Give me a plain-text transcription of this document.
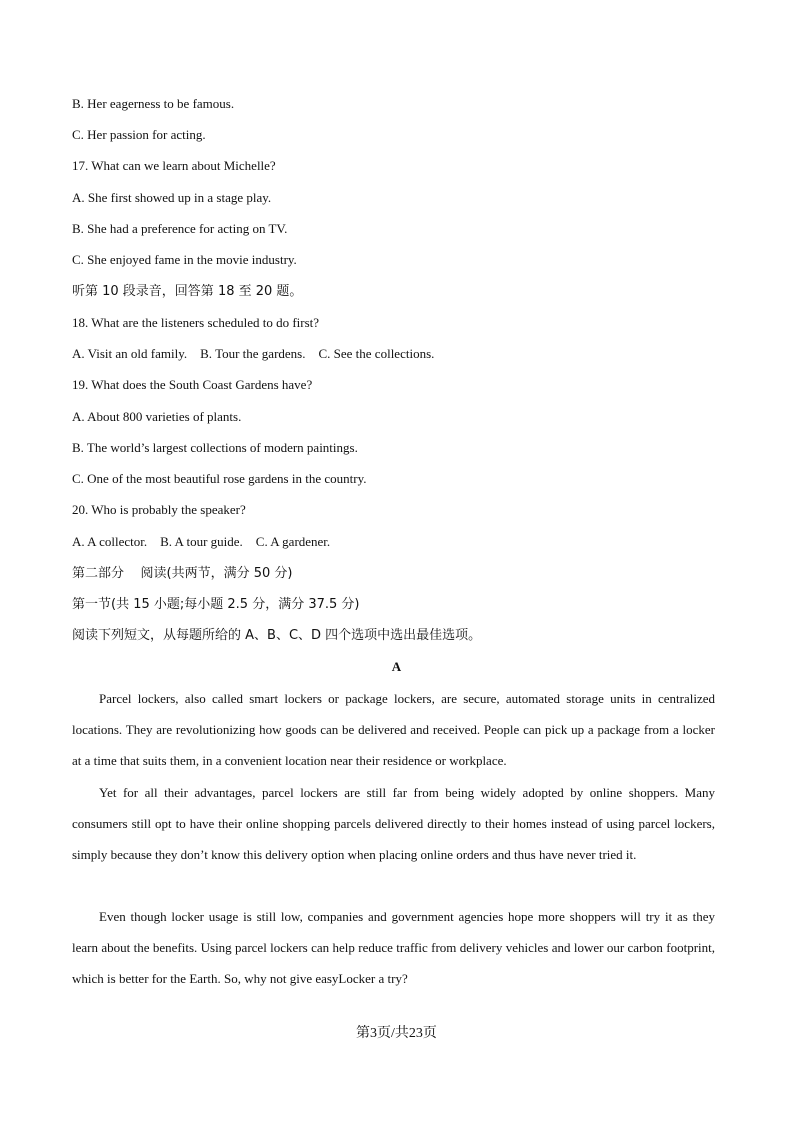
B. Her eagerness to be famous.
C. Her passion for acting.
17. What can we learn about Michelle?
A. She first showed up in a stage play.
B. She had a preference for acting on TV.
C. She enjoyed fame in the movie industry.
听第 10 段录音，回答第 18 至 20 题。
18. What are the listeners scheduled to do first?
A. Visit an old family.    B. Tour the gardens.    C. See the collections.
19. What does the South Coast Gardens have?
A. About 800 varieties of plants.
B. The world’s largest collections of modern paintings.
C. One of the most beautiful rose gardens in the country.
20. Who is probably the speaker?
A. A collector.    B. A tour guide.    C. A gardener.
第二部分    阅读(共两节，满分 50 分)
第一节(共 15 小题;每小题 2.5 分，满分 37.5 分)
阅读下列短文，从每题所给的 A、B、C、D 四个选项中选出最佳选项。
A
Parcel lockers, also called smart lockers or package lockers, are secure, automated storage units in centralized locations. They are revolutionizing how goods can be delivered and received. People can pick up a package from a locker at a time that suits them, in a convenient location near their residence or workplace.
Yet for all their advantages, parcel lockers are still far from being widely adopted by online shoppers. Many consumers still opt to have their online shopping parcels delivered directly to their homes instead of using parcel lockers, simply because they don’t know this delivery option when placing online orders and thus have never tried it.
Even though locker usage is still low, companies and government agencies hope more shoppers will try it as they learn about the benefits. Using parcel lockers can help reduce traffic from delivery vehicles and lower our carbon footprint, which is better for the Earth. So, why not give easyLocker a try?
第3页/共23页
